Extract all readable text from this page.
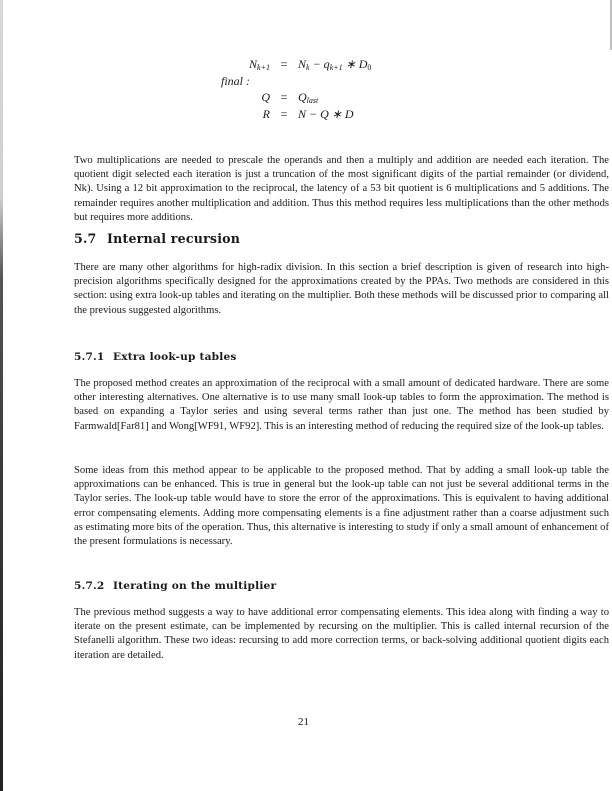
$N_{k+1} = N_k - q_{k+1}$ ∗ $D_0$
final :
$Q = Q_{last}$
R = N − Q ∗ D

Two multiplications are needed to prescale the operands and then a multiply and addition are needed each iteration. The quotient digit selected each iteration is just a truncation of the most significant digits of the partial remainder (or dividend, Nk). Using a 12 bit approximation to the reciprocal, the latency of a 53 bit quotient is 6 multiplications and 5 additions. The remainder requires another multiplication and addition. Thus this method requires less multiplications than the other methods but requires more additions.

5.7 Internal recursion

There are many other algorithms for high-radix division. In this section a brief description is given of research into high-precision algorithms specifically designed for the approximations created by the PPAs. Two methods are considered in this section: using extra look-up tables and iterating on the multiplier. Both these methods will be discussed prior to comparing all the previous suggested algorithms.

5.7.1 Extra look-up tables

The proposed method creates an approximation of the reciprocal with a small amount of dedicated hardware. There are some other interesting alternatives. One alternative is to use many small look-up tables to form the approximation. The method is based on expanding a Taylor series and using several terms rather than just one. The method has been studied by Farmwald[Far81] and Wong[WF91, WF92]. This is an interesting method of reducing the required size of the look-up tables.

Some ideas from this method appear to be applicable to the proposed method. That by adding a small look-up table the approximations can be enhanced. This is true in general but the look-up table can not just be several additional terms in the Taylor series. The look-up table would have to store the error of the approximations. This is equivalent to having additional error compensating elements. Adding more compensating elements is a fine adjustment rather than a coarse adjustment such as estimating more bits of the operation. Thus, this alternative is interesting to study if only a small amount of enhancement of the present formulations is necessary.

5.7.2 Iterating on the multiplier

The previous method suggests a way to have additional error compensating elements. This idea along with finding a way to iterate on the present estimate, can be implemented by recursing on the multiplier. This is called internal recursion of the Stefanelli algorithm. These two ideas: recursing to add more correction terms, or back-solving additional quotient digits each iteration are detailed.

21
